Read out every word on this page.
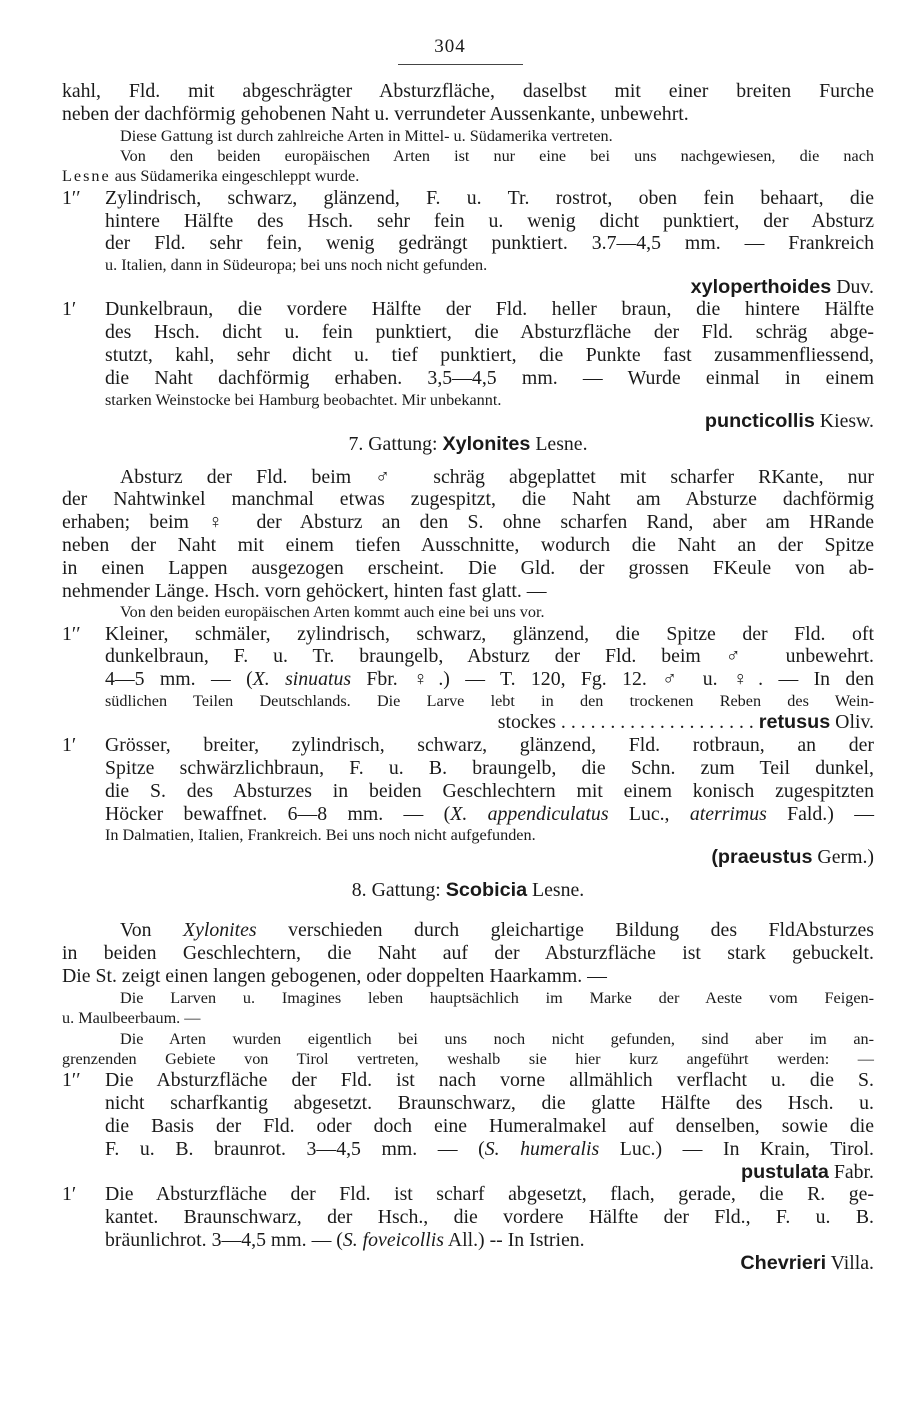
304
kahl, Fld. mit abgeschrägter Absturzfläche, daselbst mit einer breiten Furche
neben der dachförmig gehobenen Naht u. verrundeter Aussenkante, unbewehrt.
Diese Gattung ist durch zahlreiche Arten in Mittel- u. Südamerika vertreten.
Von den beiden europäischen Arten ist nur eine bei uns nachgewiesen, die nach
Lesne aus Südamerika eingeschleppt wurde.
1′′ Zylindrisch, schwarz, glänzend, F. u. Tr. rostrot, oben fein behaart, die
hintere Hälfte des Hsch. sehr fein u. wenig dicht punktiert, der Absturz
der Fld. sehr fein, wenig gedrängt punktiert. 3.7—4,5 mm. — Frankreich
u. Italien, dann in Südeuropa; bei uns noch nicht gefunden.
xyloperthoides Duv.
1′ Dunkelbraun, die vordere Hälfte der Fld. heller braun, die hintere Hälfte
des Hsch. dicht u. fein punktiert, die Absturzfläche der Fld. schräg abge-
stutzt, kahl, sehr dicht u. tief punktiert, die Punkte fast zusammenfliessend,
die Naht dachförmig erhaben. 3,5—4,5 mm. — Wurde einmal in einem
starken Weinstocke bei Hamburg beobachtet. Mir unbekannt.
puncticollis Kiesw.
7. Gattung: Xylonites Lesne.
Absturz der Fld. beim ♂ schräg abgeplattet mit scharfer RKante, nur
der Nahtwinkel manchmal etwas zugespitzt, die Naht am Absturze dachförmig
erhaben; beim ♀ der Absturz an den S. ohne scharfen Rand, aber am HRande
neben der Naht mit einem tiefen Ausschnitte, wodurch die Naht an der Spitze
in einen Lappen ausgezogen erscheint. Die Gld. der grossen FKeule von ab-
nehmender Länge. Hsch. vorn gehöckert, hinten fast glatt. —
Von den beiden europäischen Arten kommt auch eine bei uns vor.
1′′ Kleiner, schmäler, zylindrisch, schwarz, glänzend, die Spitze der Fld. oft
dunkelbraun, F. u. Tr. braungelb, Absturz der Fld. beim ♂ unbewehrt.
4—5 mm. — (X. sinuatus Fbr. ♀.) — T. 120, Fg. 12. ♂ u. ♀. — In den
südlichen Teilen Deutschlands. Die Larve lebt in den trockenen Reben des Wein-
stockes . . . . . . . . . . . . . . . . . . . . retusus Oliv.
1′ Grösser, breiter, zylindrisch, schwarz, glänzend, Fld. rotbraun, an der
Spitze schwärzlichbraun, F. u. B. braungelb, die Schn. zum Teil dunkel,
die S. des Absturzes in beiden Geschlechtern mit einem konisch zugespitzten
Höcker bewaffnet. 6—8 mm. — (X. appendiculatus Luc., aterrimus Fald.) —
In Dalmatien, Italien, Frankreich. Bei uns noch nicht aufgefunden.
(praeustus Germ.)
8. Gattung: Scobicia Lesne.
Von Xylonites verschieden durch gleichartige Bildung des FldAbsturzes
in beiden Geschlechtern, die Naht auf der Absturzfläche ist stark gebuckelt.
Die St. zeigt einen langen gebogenen, oder doppelten Haarkamm. —
Die Larven u. Imagines leben hauptsächlich im Marke der Aeste vom Feigen-
u. Maulbeerbaum. —
Die Arten wurden eigentlich bei uns noch nicht gefunden, sind aber im an-
grenzenden Gebiete von Tirol vertreten, weshalb sie hier kurz angeführt werden: —
1′′ Die Absturzfläche der Fld. ist nach vorne allmählich verflacht u. die S.
nicht scharfkantig abgesetzt. Braunschwarz, die glatte Hälfte des Hsch. u.
die Basis der Fld. oder doch eine Humeralmakel auf denselben, sowie die
F. u. B. braunrot. 3—4,5 mm. — (S. humeralis Luc.) — In Krain, Tirol.
pustulata Fabr.
1′ Die Absturzfläche der Fld. ist scharf abgesetzt, flach, gerade, die R. ge-
kantet. Braunschwarz, der Hsch., die vordere Hälfte der Fld., F. u. B.
bräunlichrot. 3—4,5 mm. — (S. foveicollis All.) -- In Istrien.
Chevrieri Villa.
